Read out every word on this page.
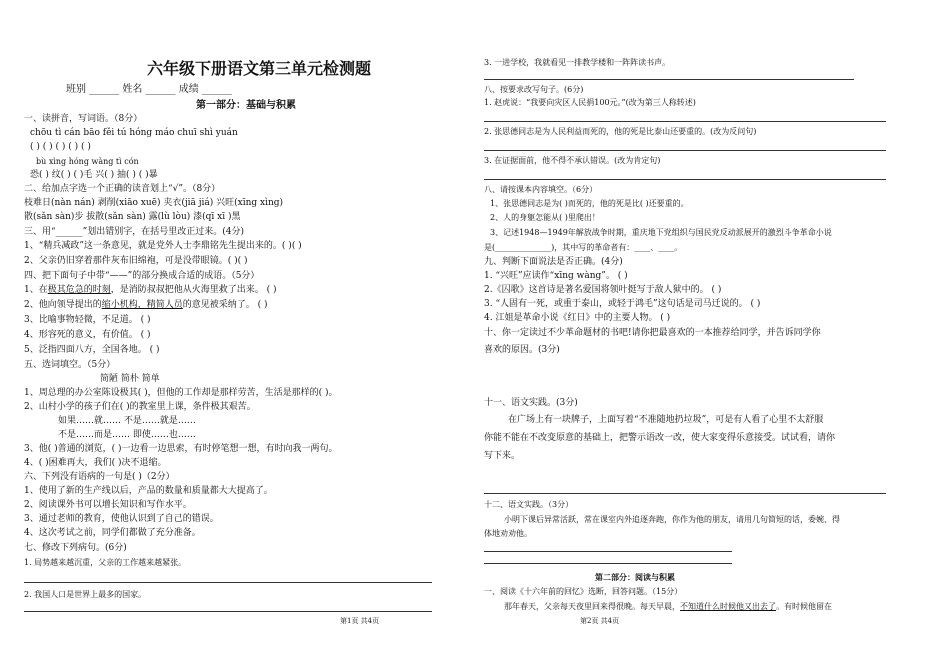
六年级下册语文第三单元检测题
班别 ______ 姓名 ______ 成绩 ______
第一部分：基础与积累
一、读拼音，写词语。（8分）
chōu tì cán bāo fěi tú hóng máo chuī shì yuán
( ) ( ) ( ) ( ) ( )
bù xìng hóng wàng tì cón
恐( ) 纹( ) ( )毛 兴( ) 抽( ) ( )暴
二、给加点字选一个正确的读音划上“√”。（8分）
枝难日(nàn nán) 剥削(xiāo xuē) 夹衣(jiā jiá) 兴旺(xīng xìng)
散(sǎn sàn)步 拔散(sǎn sàn) 露(lù lòu) 漆(qī xī )黑
三、用“______”划出错别字，在括号里改正过来。(4分)
1、“精兵减政”这一条意见，就是党外人士李鼎铭先生提出来的。( )( )
2、父亲仍旧穿着那件灰布旧绵袍，可是没带眼镜。( )( )
四、把下面句子中带“——”的部分换成合适的成语。（5分）
1、在极其危急的时刻，是消防叔叔把他从火海里救了出来。 ( )
2、他向领导提出的缩小机构，精简人员的意见被采纳了。 ( )
3、比喻事物轻微，不足道。 ( )
4、形容死的意义，有价值。 ( )
5、泛指四面八方，全国各地。 ( )
五、选词填空。（5分）
简陋 简朴 简单
1、周总理的办公室陈设极其( )，但他的工作却是那样劳苦，生活是那样的( )。
2、山村小学的孩子们在( )的教室里上课，条件极其艰苦。
如果……就…… 不是……就是……
不是……而是…… 即使……也……
3、他( )普通的浏览，( )一边看一边思索，有时停笔想一想，有时向我一两句。
4、( )困难再大，我们( )决不退缩。
六、下列没有语病的一句是( )（2分）
1、使用了新的生产线以后，产品的数量和质量都大大提高了。
2、阅读课外书可以增长知识和写作水平。
3、通过老师的教育，使他认识到了自己的错误。
4、这次考试之前，同学们都做了充分准备。
七、修改下列病句。(6分)
1. 局势越来越沉重，父亲的工作越来越紧张。
2. 我国人口是世界上最多的国家。
第1页 共4页
3. 一进学校，我就看见一排教学楼和一阵阵读书声。
八、按要求改写句子。(6分)
1. 赵虎说：“我要向灾区人民捐100元。”(改为第三人称转述)
2. 张思德同志是为人民利益而死的，他的死是比泰山还要重的。(改为反问句)
3. 在证据面前，他不得不承认错误。(改为肯定句)
八、请按课本内容填空。（6分）
1、张思德同志是为( )而死的，他的死是比( )还要重的。
2、人的身躯怎能从( )里爬出！
3、记述1948—1949年解放战争时期，重庆地下党组织与国民党反动派展开的激烈斗争革命小说
是(______________)，其中写的革命者有：____、____。
九、判断下面说法是否正确。(4分)
1. “兴旺”应读作“xīng wàng”。 ( )
2.《囚歌》这首诗是著名爱国将领叶挺写于敌人狱中的。 ( )
3. “人固有一死，或重于泰山，或轻于鸿毛”这句话是司马迁说的。 ( )
4. 江姐是革命小说《红日》中的主要人物。 ( )
十、你一定读过不少革命题材的书吧!请你把最喜欢的一本推荐给同学，并告诉同学你
喜欢的原因。(3分)
十一、语文实践。(3分)
在广场上有一块牌子，上面写着“不准随地扔垃圾”，可是有人看了心里不太舒服
你能不能在不改变原意的基础上，把警示语改一改，使大家变得乐意接受。试试看，请你
写下来。
十二、语文实践。（3分）
小明下课后异常活跃，常在课室内外追逐奔跑，你作为他的朋友，请用几句简短的话，委婉、得
体地劝劝他。
第二部分：阅读与积累
一、阅读《十六年前的回忆》选断，回答问题。（15分）
那年春天，父亲每天夜里回来得很晚。每天早晨，不知道什么时候他又出去了。有时候他留在
第2页 共4页
